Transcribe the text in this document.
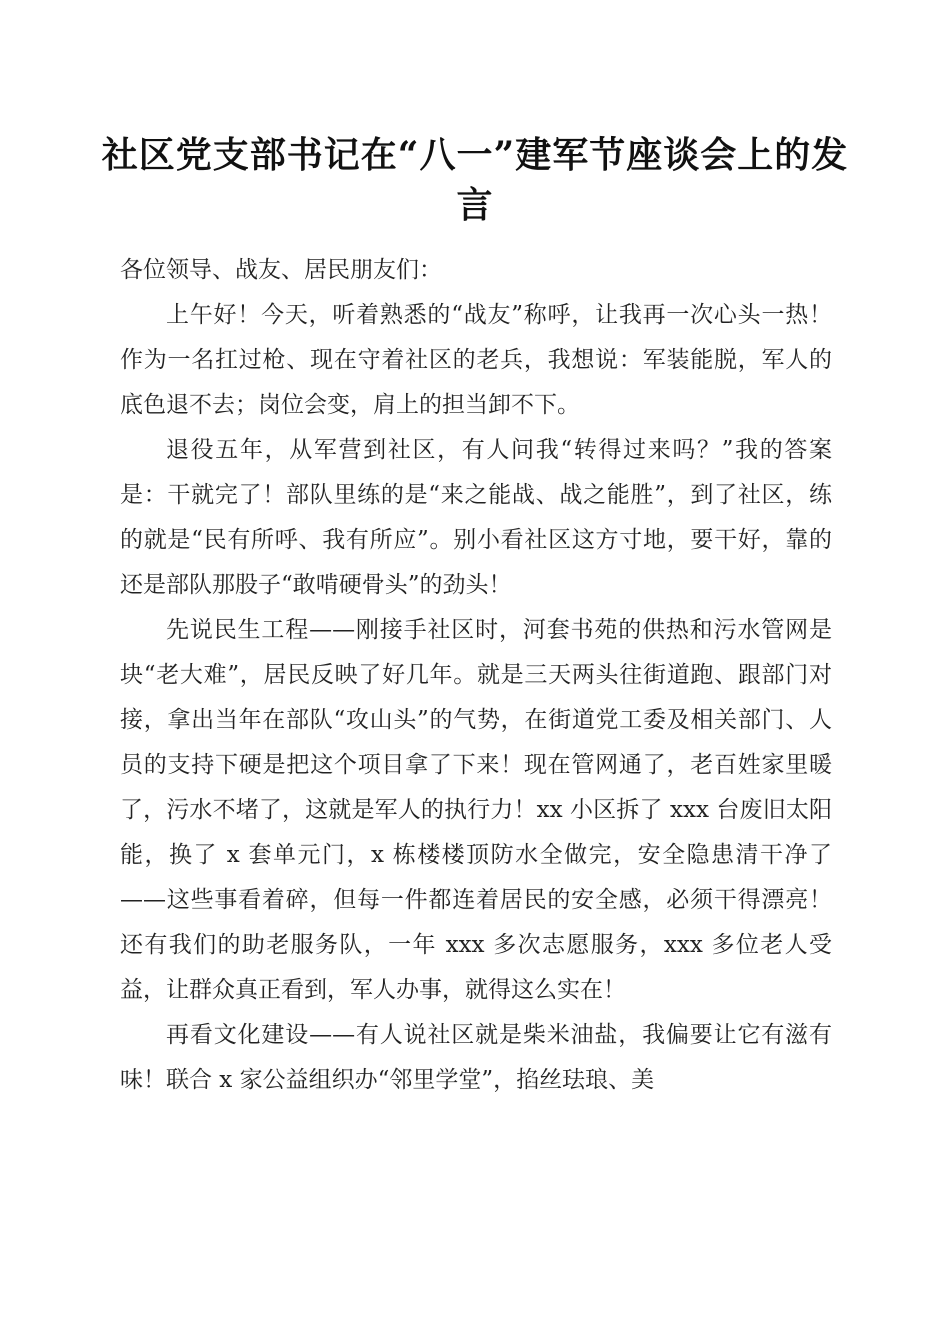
社区党支部书记在“八一”建军节座谈会上的发言

各位领导、战友、居民朋友们：

上午好！今天，听着熟悉的“战友”称呼，让我再一次心头一热！作为一名扛过枪、现在守着社区的老兵，我想说：军装能脱，军人的底色退不去；岗位会变，肩上的担当卸不下。

退役五年，从军营到社区，有人问我“转得过来吗？”我的答案是：干就完了！部队里练的是“来之能战、战之能胜”，到了社区，练的就是“民有所呼、我有所应”。别小看社区这方寸地，要干好，靠的还是部队那股子“敢啃硬骨头”的劲头！

先说民生工程——刚接手社区时，河套书苑的供热和污水管网是块“老大难”，居民反映了好几年。就是三天两头往街道跑、跟部门对接，拿出当年在部队“攻山头”的气势，在街道党工委及相关部门、人员的支持下硬是把这个项目拿了下来！现在管网通了，老百姓家里暖了，污水不堵了，这就是军人的执行力！xx 小区拆了 xxx 台废旧太阳能，换了 x 套单元门，x 栋楼楼顶防水全做完，安全隐患清干净了——这些事看着碎，但每一件都连着居民的安全感，必须干得漂亮！还有我们的助老服务队，一年 xxx 多次志愿服务，xxx 多位老人受益，让群众真正看到，军人办事，就得这么实在！

再看文化建设——有人说社区就是柴米油盐，我偏要让它有滋有味！联合 x 家公益组织办“邻里学堂”，掐丝珐琅、美
